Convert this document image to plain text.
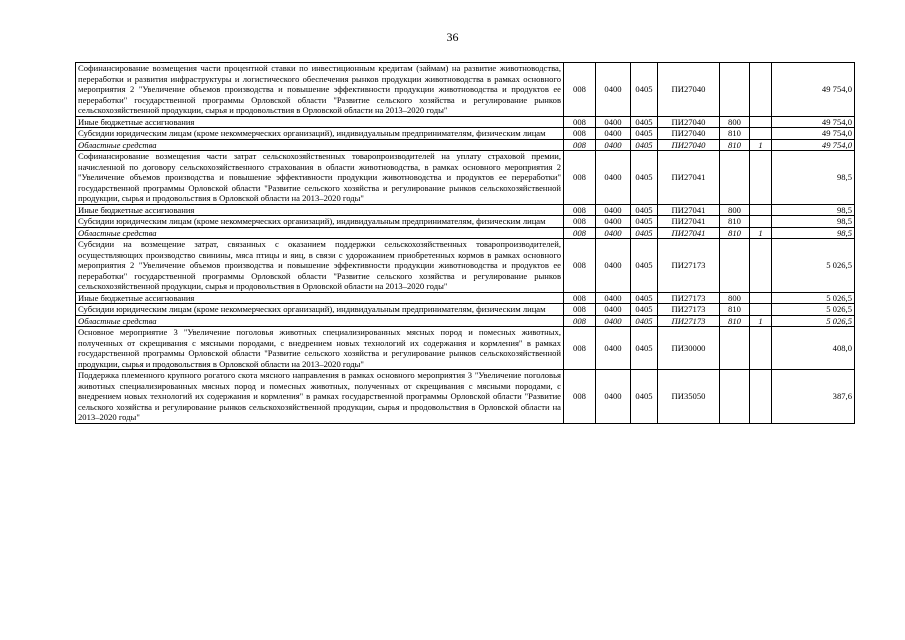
36
Софинансирование возмещения части процентной ставки по инвестиционным кредитам (займам) на развитие животноводства, переработки и развития инфраструктуры и логистического обеспечения рынков продукции животноводства в рамках основного мероприятия 2 "Увеличение объемов производства и повышение эффективности продукции животноводства и продуктов ее переработки" государственной программы Орловской области "Развитие сельского хозяйства и регулирование рынков сельскохозяйственной продукции, сырья и продовольствия в Орловской области на 2013–2020 годы"	008	0400	0405	ПИ27040			49 754,0
Иные бюджетные ассигнования	008	0400	0405	ПИ27040	800		49 754,0
Субсидии юридическим лицам (кроме некоммерческих организаций), индивидуальным предпринимателям, физическим лицам	008	0400	0405	ПИ27040	810		49 754,0
Областные средства	008	0400	0405	ПИ27040	810	1	49 754,0
Софинансирование возмещения части затрат сельскохозяйственных товаропроизводителей на уплату страховой премии, начисленной по договору сельскохозяйственного страхования в области животноводства, в рамках основного мероприятия 2 "Увеличение объемов производства и повышение эффективности продукции животноводства и продуктов ее переработки" государственной программы Орловской области "Развитие сельского хозяйства и регулирование рынков сельскохозяйственной продукции, сырья и продовольствия в Орловской области на 2013–2020 годы"	008	0400	0405	ПИ27041			98,5
Иные бюджетные ассигнования	008	0400	0405	ПИ27041	800		98,5
Субсидии юридическим лицам (кроме некоммерческих организаций), индивидуальным предпринимателям, физическим лицам	008	0400	0405	ПИ27041	810		98,5
Областные средства	008	0400	0405	ПИ27041	810	1	98,5
Субсидии на возмещение затрат, связанных с оказанием поддержки сельскохозяйственных товаропроизводителей, осуществляющих производство свинины, мяса птицы и яиц, в связи с удорожанием приобретенных кормов в рамках основного мероприятия 2 "Увеличение объемов производства и повышение эффективности продукции животноводства и продуктов ее переработки" государственной программы Орловской области "Развитие сельского хозяйства и регулирование рынков сельскохозяйственной продукции, сырья и продовольствия в Орловской области на 2013–2020 годы"	008	0400	0405	ПИ27173			5 026,5
Иные бюджетные ассигнования	008	0400	0405	ПИ27173	800		5 026,5
Субсидии юридическим лицам (кроме некоммерческих организаций), индивидуальным предпринимателям, физическим лицам	008	0400	0405	ПИ27173	810		5 026,5
Областные средства	008	0400	0405	ПИ27173	810	1	5 026,5
Основное мероприятие 3 "Увеличение поголовья животных специализированных мясных пород и помесных животных, полученных от скрещивания с мясными породами, с внедрением новых технологий их содержания и кормления" в рамках государственной программы Орловской области "Развитие сельского хозяйства и регулирование рынков сельскохозяйственной продукции, сырья и продовольствия в Орловской области на 2013–2020 годы"	008	0400	0405	ПИ30000			408,0
Поддержка племенного крупного рогатого скота мясного направления в рамках основного мероприятия 3 "Увеличение поголовья животных специализированных мясных пород и помесных животных, полученных от скрещивания с мясными породами, с внедрением новых технологий их содержания и кормления" в рамках государственной программы Орловской области "Развитие сельского хозяйства и регулирование рынков сельскохозяйственной продукции, сырья и продовольствия в Орловской области на 2013–2020 годы"	008	0400	0405	ПИ35050			387,6
